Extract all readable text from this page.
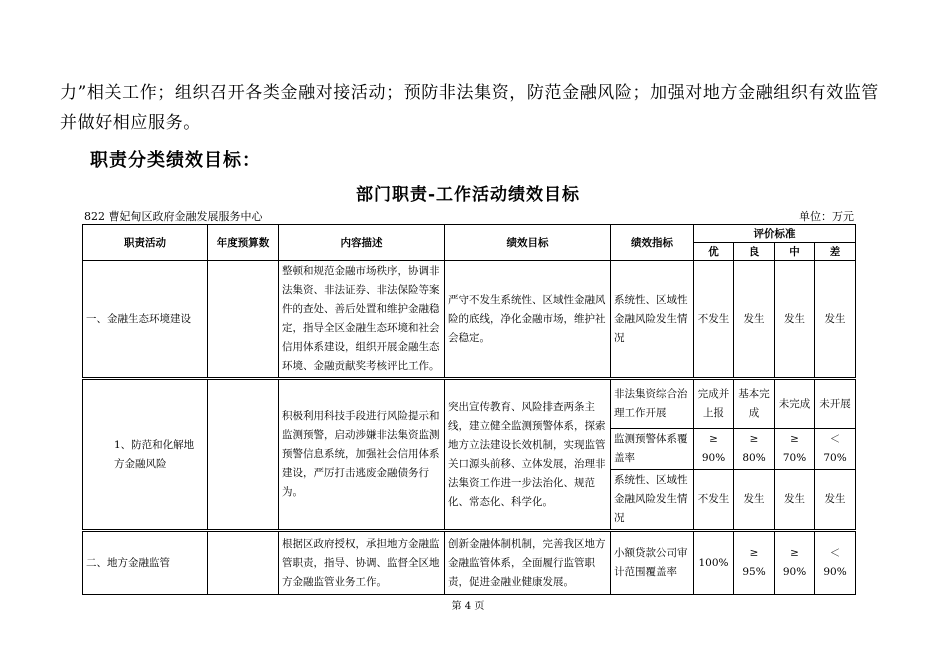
力”相关工作；组织召开各类金融对接活动；预防非法集资，防范金融风险；加强对地方金融组织有效监管
并做好相应服务。
职责分类绩效目标：
部门职责-工作活动绩效目标
822 曹妃甸区政府金融发展服务中心	单位：万元
职责活动	年度预算数	内容描述	绩效目标	绩效指标	评价标准			
					优	良	中	差
一、金融生态环境建设		整顿和规范金融市场秩序，协调非法集资、非法证券、非法保险等案件的查处、善后处置和维护金融稳定，指导全区金融生态环境和社会信用体系建设，组织开展金融生态环境、金融贡献奖考核评比工作。	严守不发生系统性、区域性金融风险的底线，净化金融市场，维护社会稳定。	系统性、区域性金融风险发生情况	不发生	发生	发生	发生

1、防范和化解地方金融风险		积极利用科技手段进行风险提示和监测预警，启动涉嫌非法集资监测预警信息系统，加强社会信用体系建设，严厉打击逃废金融债务行为。	突出宣传教育、风险排查两条主线，建立健全监测预警体系，探索地方立法建设长效机制，实现监管关口源头前移、立体发展，治理非法集资工作进一步法治化、规范化、常态化、科学化。	非法集资综合治理工作开展	完成并上报	基本完成	未完成	未开展
				监测预警体系覆盖率	≥ 90%	≥ 80%	≥ 70%	＜ 70%
				系统性、区域性金融风险发生情况	不发生	发生	发生	发生
二、地方金融监管		根据区政府授权，承担地方金融监管职责，指导、协调、监督全区地方金融监管业务工作。	创新金融体制机制，完善我区地方金融监管体系，全面履行监管职责，促进金融业健康发展。	小额贷款公司审计范围覆盖率	100%	≥ 95%	≥ 90%	＜ 90%
第 4 页
